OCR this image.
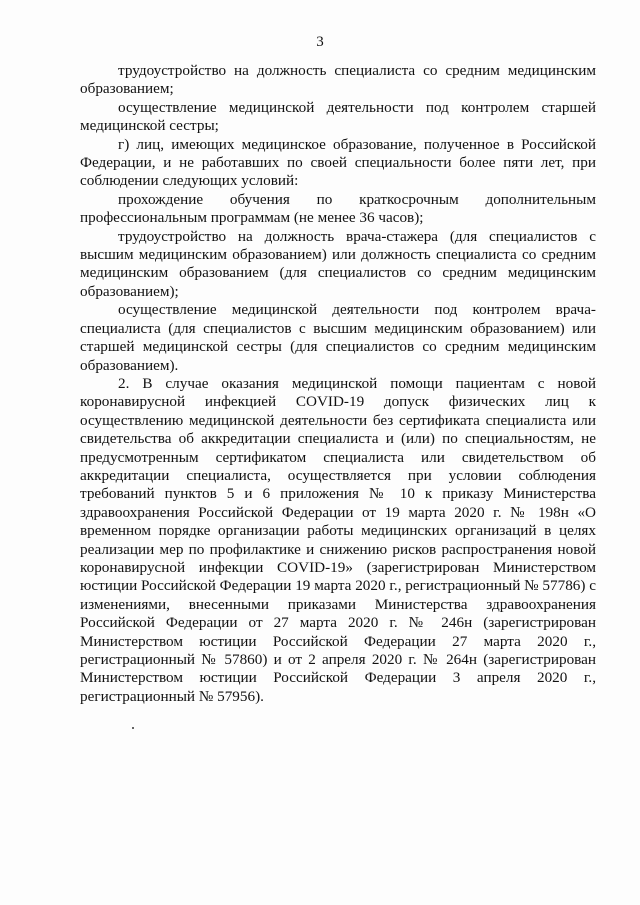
3

трудоустройство на должность специалиста со средним медицинским образованием;

осуществление медицинской деятельности под контролем старшей медицинской сестры;

г) лиц, имеющих медицинское образование, полученное в Российской Федерации, и не работавших по своей специальности более пяти лет, при соблюдении следующих условий:

прохождение обучения по краткосрочным дополнительным профессиональным программам (не менее 36 часов);

трудоустройство на должность врача-стажера (для специалистов с высшим медицинским образованием) или должность специалиста со средним медицинским образованием (для специалистов со средним медицинским образованием);

осуществление медицинской деятельности под контролем врача-специалиста (для специалистов с высшим медицинским образованием) или старшей медицинской сестры (для специалистов со средним медицинским образованием).

2. В случае оказания медицинской помощи пациентам с новой коронавирусной инфекцией COVID-19 допуск физических лиц к осуществлению медицинской деятельности без сертификата специалиста или свидетельства об аккредитации специалиста и (или) по специальностям, не предусмотренным сертификатом специалиста или свидетельством об аккредитации специалиста, осуществляется при условии соблюдения требований пунктов 5 и 6 приложения № 10 к приказу Министерства здравоохранения Российской Федерации от 19 марта 2020 г. № 198н «О временном порядке организации работы медицинских организаций в целях реализации мер по профилактике и снижению рисков распространения новой коронавирусной инфекции COVID-19» (зарегистрирован Министерством юстиции Российской Федерации 19 марта 2020 г., регистрационный № 57786) с изменениями, внесенными приказами Министерства здравоохранения Российской Федерации от 27 марта 2020 г. № 246н (зарегистрирован Министерством юстиции Российской Федерации 27 марта 2020 г., регистрационный № 57860) и от 2 апреля 2020 г. № 264н (зарегистрирован Министерством юстиции Российской Федерации 3 апреля 2020 г., регистрационный № 57956).
